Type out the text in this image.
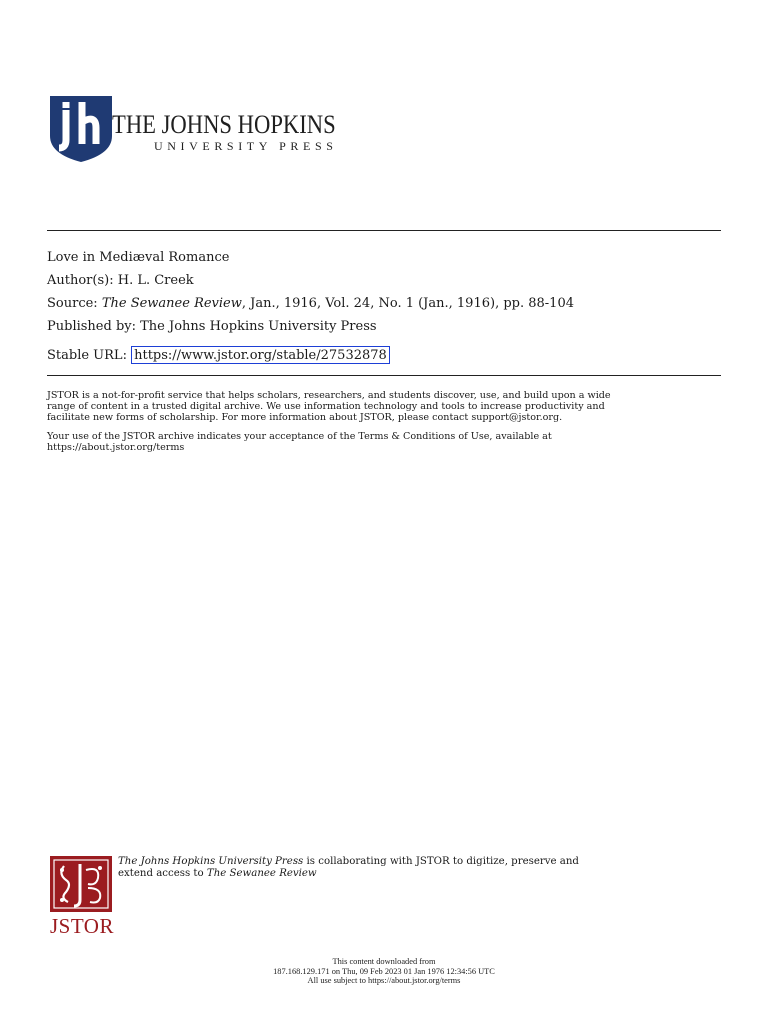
THE JOHNS HOPKINS
UNIVERSITY PRESS
Love in Mediæval Romance
Author(s): H. L. Creek
Source: The Sewanee Review, Jan., 1916, Vol. 24, No. 1 (Jan., 1916), pp. 88-104
Published by: The Johns Hopkins University Press
Stable URL: https://www.jstor.org/stable/27532878
JSTOR is a not-for-profit service that helps scholars, researchers, and students discover, use, and build upon a wide
range of content in a trusted digital archive. We use information technology and tools to increase productivity and
facilitate new forms of scholarship. For more information about JSTOR, please contact support@jstor.org.
Your use of the JSTOR archive indicates your acceptance of the Terms & Conditions of Use, available at
https://about.jstor.org/terms
JSTOR
The Johns Hopkins University Press is collaborating with JSTOR to digitize, preserve and
extend access to The Sewanee Review
This content downloaded from
187.168.129.171 on Thu, 09 Feb 2023 01 Jan 1976 12:34:56 UTC
All use subject to https://about.jstor.org/terms
